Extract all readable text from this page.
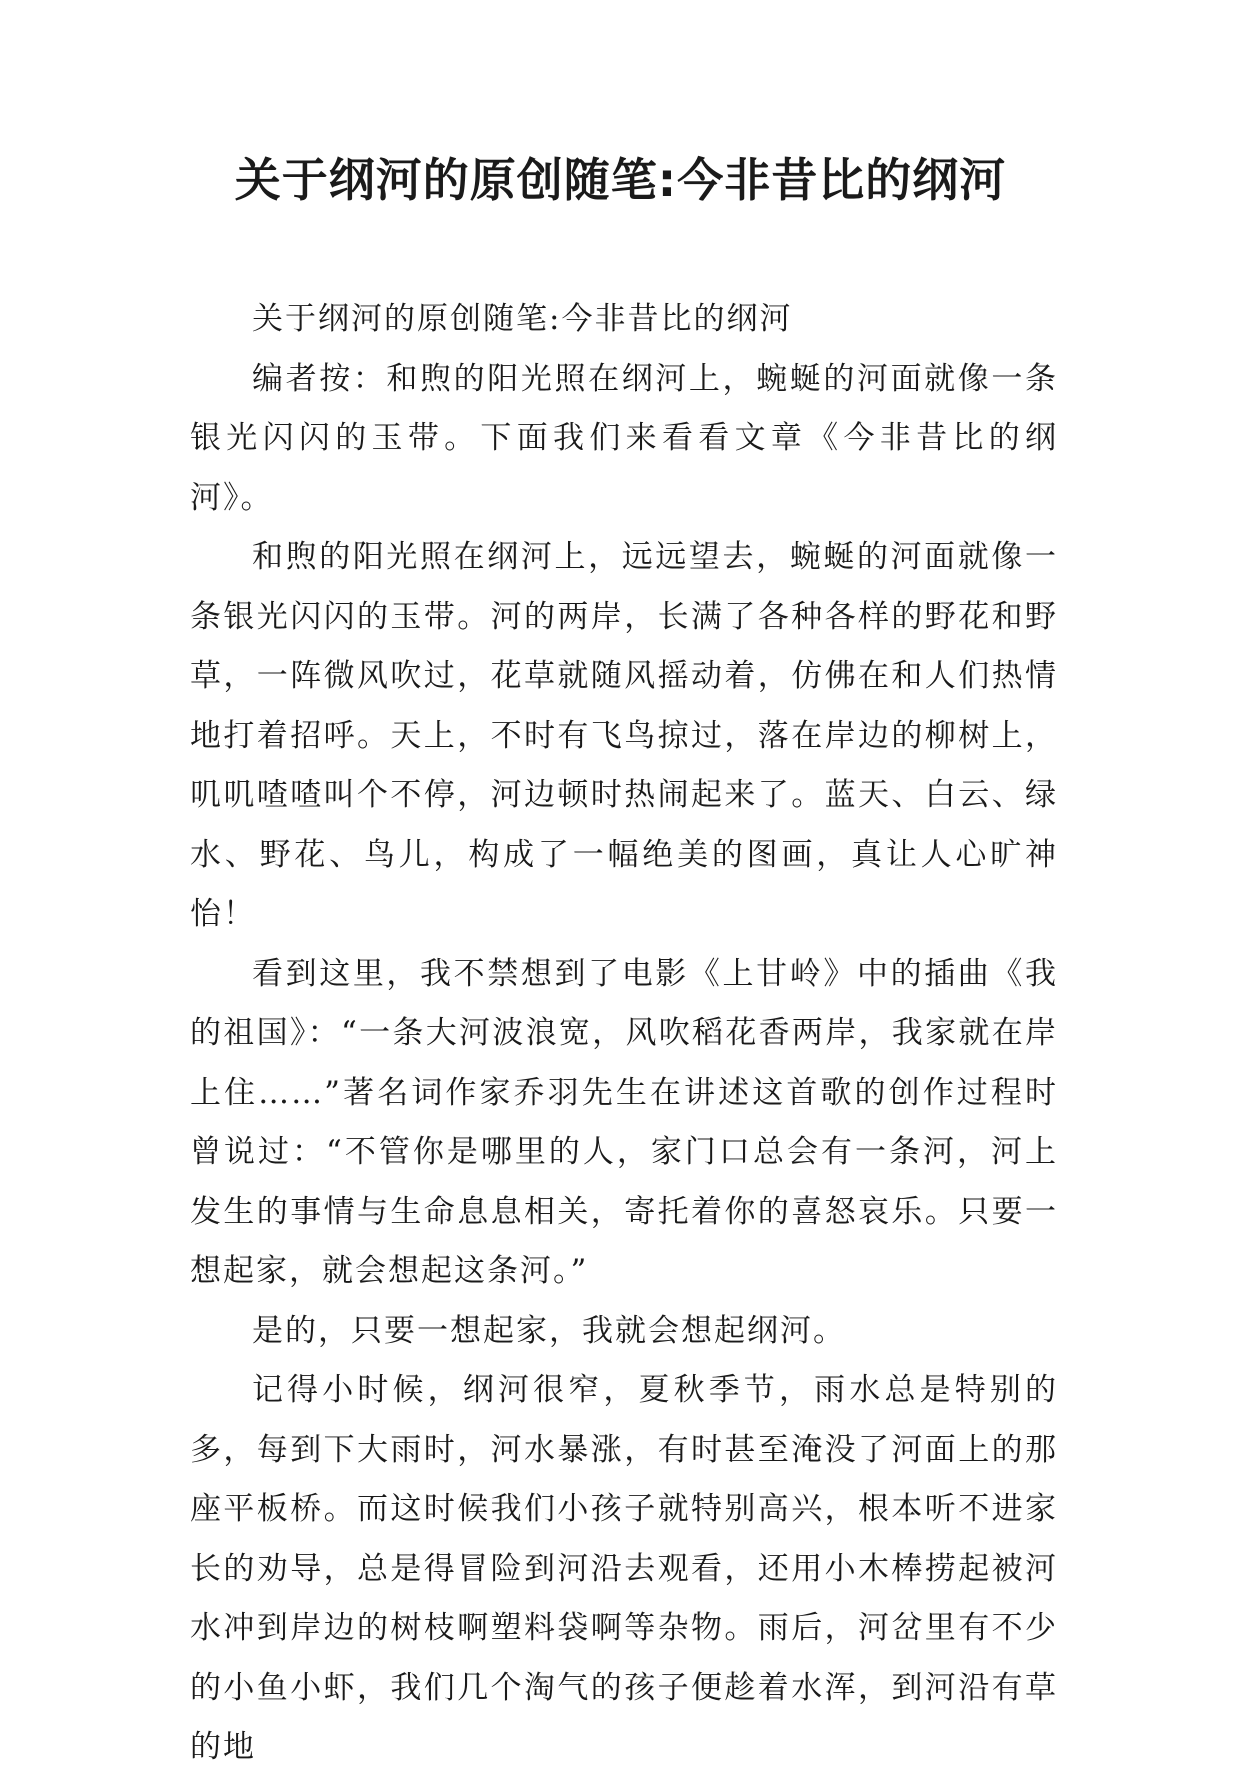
关于纲河的原创随笔:今非昔比的纲河

关于纲河的原创随笔:今非昔比的纲河

编者按：和煦的阳光照在纲河上，蜿蜒的河面就像一条银光闪闪的玉带。下面我们来看看文章《今非昔比的纲河》。

和煦的阳光照在纲河上，远远望去，蜿蜒的河面就像一条银光闪闪的玉带。河的两岸，长满了各种各样的野花和野草，一阵微风吹过，花草就随风摇动着，仿佛在和人们热情地打着招呼。天上，不时有飞鸟掠过，落在岸边的柳树上，叽叽喳喳叫个不停，河边顿时热闹起来了。蓝天、白云、绿水、野花、鸟儿，构成了一幅绝美的图画，真让人心旷神怡！

看到这里，我不禁想到了电影《上甘岭》中的插曲《我的祖国》：“一条大河波浪宽，风吹稻花香两岸，我家就在岸上住……”著名词作家乔羽先生在讲述这首歌的创作过程时曾说过：“不管你是哪里的人，家门口总会有一条河，河上发生的事情与生命息息相关，寄托着你的喜怒哀乐。只要一想起家，就会想起这条河。”

是的，只要一想起家，我就会想起纲河。

记得小时候，纲河很窄，夏秋季节，雨水总是特别的多，每到下大雨时，河水暴涨，有时甚至淹没了河面上的那座平板桥。而这时候我们小孩子就特别高兴，根本听不进家长的劝导，总是得冒险到河沿去观看，还用小木棒捞起被河水冲到岸边的树枝啊塑料袋啊等杂物。雨后，河岔里有不少的小鱼小虾，我们几个淘气的孩子便趁着水浑，到河沿有草的地
